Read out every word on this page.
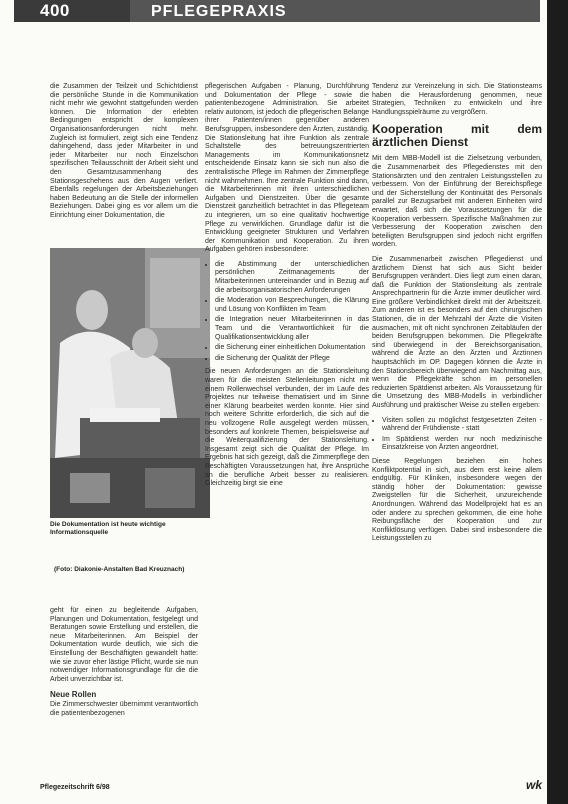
400	PFLEGEPRAXIS

die Zusammen der Teilzeit und Schichtdienst die persönliche Stunde in die Kommunikation nicht mehr wie gewohnt stattgefunden werden können. Die Information der erlebten Bedingungen entspricht der komplexen Organisationsanforderungen nicht mehr. Zugleich ist formuliert, zeigt sich eine Tendenz dahingehend, dass jeder Mitarbeiter in und jeder Mitarbeiter nur noch Einzelschon spezifischen Teilausschnitt der Arbeit sieht und den Gesamtzusammenhang des Stationsgeschehens aus den Augen verliert. Ebenfalls regelungen der Arbeitsbeziehungen haben Bedeutung an die Stelle der informellen Beziehungen. Dabei ging es vor allem um die Einrichtung einer Dokumentation, die

Die Dokumentation ist heute wichtige Informationsquelle
(Foto: Diakonie-Anstalten Bad Kreuznach)

geht für einen zu begleitende Aufgaben, Planungen und Dokumentation, festgelegt und Beratungen sowie Erstellung und erstellen, die neue Mitarbeiterinnen. Am Beispiel der Dokumentation wurde deutlich, wie sich die Einstellung der Beschäftigten gewandelt hatte: wie sie zuvor eher lästige Pflicht, wurde sie nun notwendiger Informationsgrundlage für die die Arbeit unverzichtbar ist.

Neue Rollen

Die Zimmerschwester übernimmt verantwortlich die patientenbezogenen

pflegerischen Aufgaben - Planung, Durchführung und Dokumentation der Pflege - sowie die patientenbezogene Administration. Sie arbeitet relativ autonom, ist jedoch die pflegerischen Belange ihrer Patienten/innen gegenüber anderen Berufsgruppen, insbesondere den Ärzten, zuständig. Die Stationsleitung hat ihre Funktion als zentrale Schaltstelle des betreuungszentrierten Managements im Kommunikationsnetz entscheidende Einsatz kann sie sich nun also die zentralistische Pflege im Rahmen der Zimmerpflege nicht wahrnehmen. Ihre zentrale Funktion sind dann, die Mitarbeiterinnen mit ihren unterschiedlichen Aufgaben und Dienstzeiten. Über die gesamte Dienstzeit ganzheitlich betrachtet in das Pflegeteam zu integrieren, um so eine qualitativ hochwertige Pflege zu verwirklichen. Grundlage dafür ist die Entwicklung geeigneter Strukturen und Verfahren der Kommunikation und Kooperation. Zu ihren Aufgaben gehören insbesondere:

• die Abstimmung der unterschiedlichen persönlichen Zeitmanagements der Mitarbeiterinnen untereinander und in Bezug auf die arbeitsorganisatorischen Anforderungen
• die Moderation von Besprechungen, die Klärung und Lösung von Konflikten im Team
• die Integration neuer Mitarbeiterinnen in das Team und die Verantwortlichkeit für die Qualifikationsentwicklung aller
• die Sicherung einer einheitlichen Dokumentation
• die Sicherung der Qualität der Pflege

Die neuen Anforderungen an die Stationsleitung waren für die meisten Stellenleitungen nicht mit einem Rollenwechsel verbunden, der im Laufe des Projektes nur teilweise thematisiert und im Sinne einer Klärung bearbeitet werden konnte. Hier sind noch weitere Schritte erforderlich, die sich auf die neu vollzogene Rolle ausgelegt werden müssen, besonders auf konkrete Themen, beispielsweise auf die Weiterqualifizierung der Stationsleitung. Insgesamt zeigt sich die Qualität der Pflege. Im Ergebnis hat sich gezeigt, daß die Zimmerpflege den Beschäftigten Voraussetzungen hat, ihre Ansprüche an die berufliche Arbeit besser zu realisieren. Gleichzeitig birgt sie eine

Tendenz zur Vereinzelung in sich. Die Stationsteams haben die Herausforderung genommen, neue Strategien, Techniken zu entwickeln und ihre Handlungsspielräume zu vergrößern.

Kooperation mit dem ärztlichen Dienst

Mit dem MBB-Modell ist die Zielsetzung verbunden, die Zusammenarbeit des Pflegedienstes mit den Stationsärzten und den zentralen Leistungsstellen zu verbessern. Von der Einführung der Bereichspflege und der Sicherstellung der Kontinuität des Personals parallel zur Bezugsarbeit mit anderen Einheiten wird erwartet, daß sich die Voraussetzungen für die Kooperation verbessern. Spezifische Maßnahmen zur Verbesserung der Kooperation zwischen den beteiligten Berufsgruppen sind jedoch nicht ergriffen worden.

Die Zusammenarbeit zwischen Pflegedienst und ärztlichem Dienst hat sich aus Sicht beider Berufsgruppen verändert. Dies liegt zum einen daran, daß die Funktion der Stationsleitung als zentrale Ansprechpartnerin für die Ärzte immer deutlicher wird. Eine größere Verbindlichkeit direkt mit der Arbeitszeit. Zum anderen ist es besonders auf den chirurgischen Stationen, die in der Mehrzahl der Ärzte die Visiten ausmachen, mit oft nicht synchronen Zeitabläufen der beiden Berufsgruppen bekommen. Die Pflegekräfte sind überwiegend in der Bereichsorganisation, während die Ärzte an den Ärzten und Ärztinnen hauptsächlich im OP. Dagegen können die Ärzte in den Stationsbereich überwiegend am Nachmittag aus, wenn die Pflegekräfte schon im personellen reduzierten Spätdienst arbeiten. Als Voraussetzung für die Umsetzung des MBB-Modells in verbindlicher Ausführung und praktischer Weise zu stellen ergeben:

• Visiten sollen zu möglichst festgesetzten Zeiten - während der Frühdienste - statt
• Im Spätdienst werden nur noch medizinische Einsatzkreise von Ärzten angeordnet.

Diese Regelungen beziehen ein hohes Konfliktpotential in sich, aus dem erst keine allem endgültig. Für Kliniken, insbesondere wegen der ständig höher der Dokumentation: gewisse Zweigstellen für die Sicherheit, unzureichende Anordnungen. Während das Modellprojekt hat es an oder andere zu sprechen gekommen, die eine hohe Reibungsfläche der Kooperation und zur Konfliktlösung verfügen. Dabei sind insbesondere die Leistungsstellen zu

Pflegezeitschrift 6/98	wk
